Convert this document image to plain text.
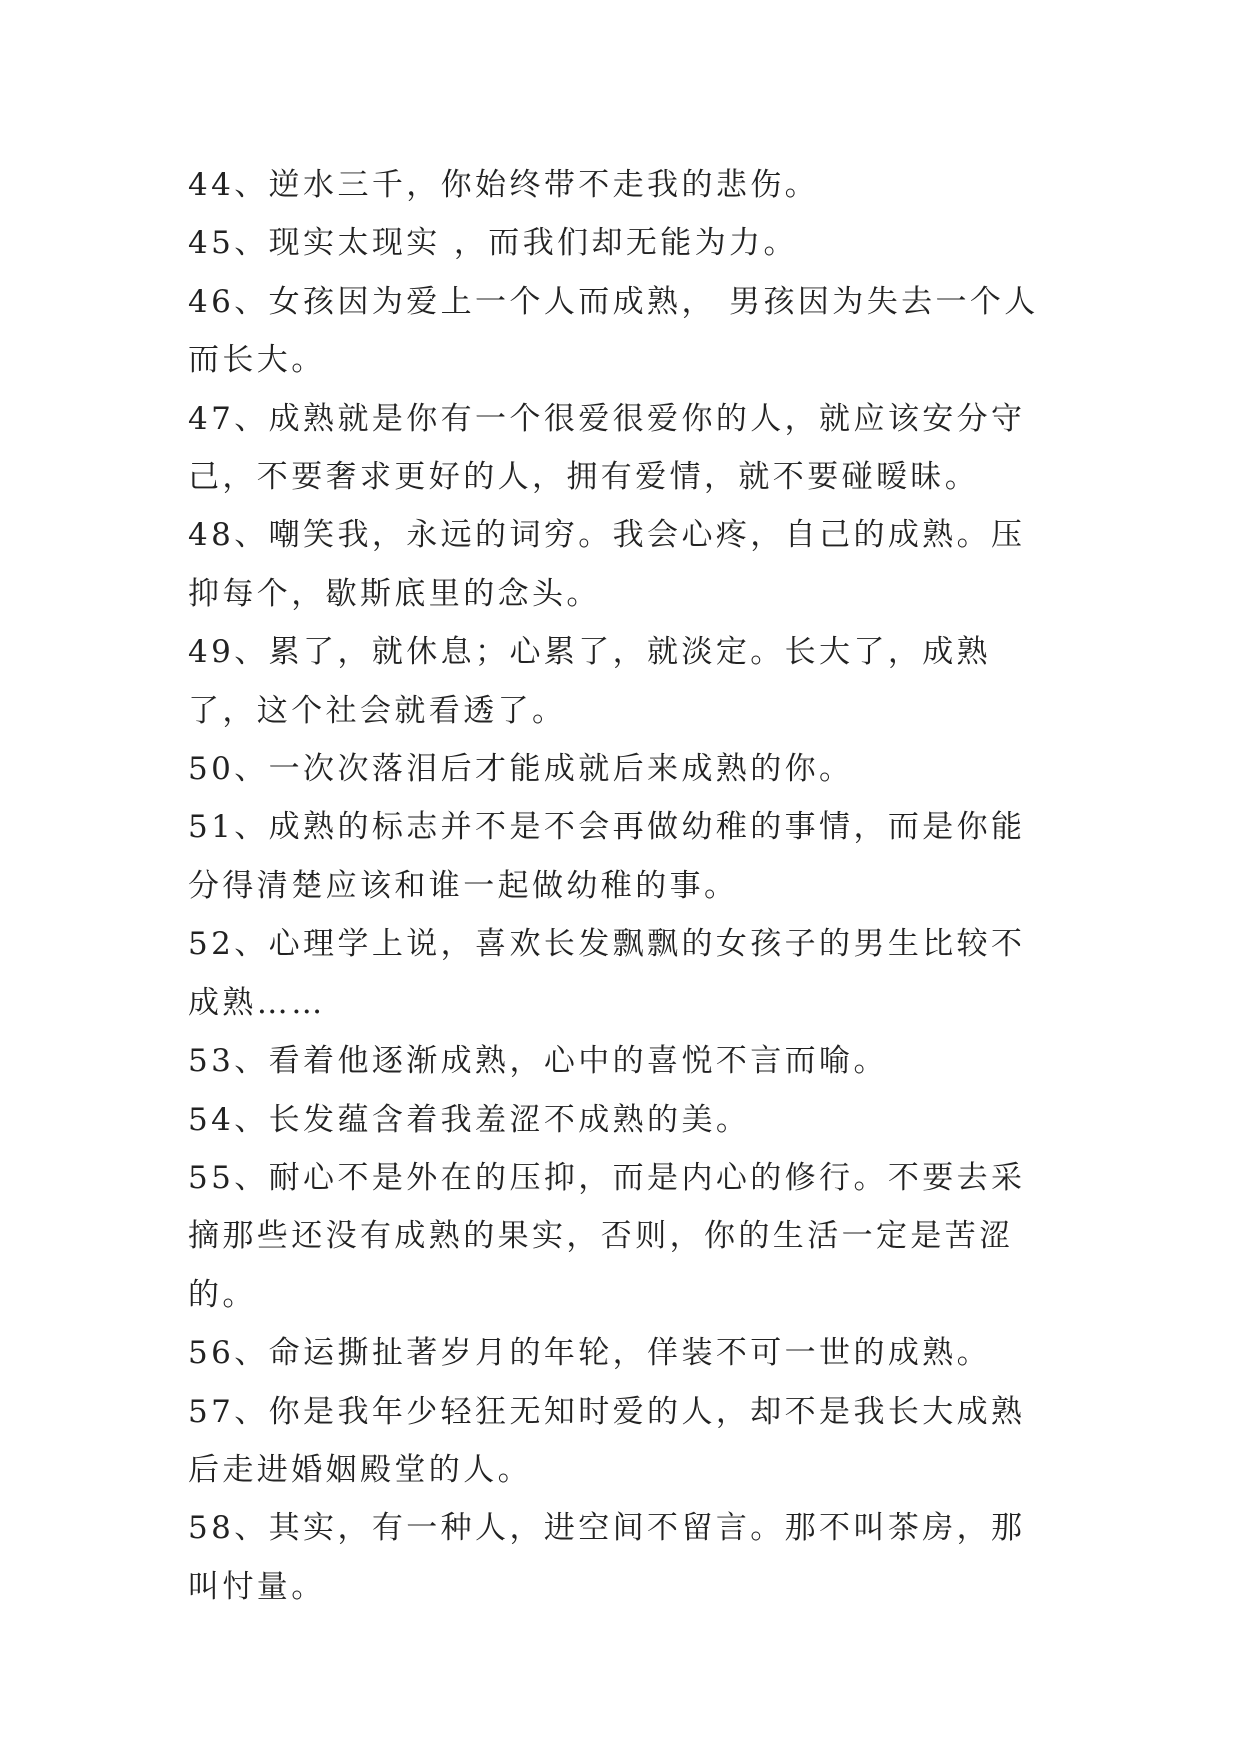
44、逆水三千，你始终带不走我的悲伤。

45、现实太现实 ，而我们却无能为力。

46、女孩因为爱上一个人而成熟， 男孩因为失去一个人而长大。

47、成熟就是你有一个很爱很爱你的人，就应该安分守己，不要奢求更好的人，拥有爱情，就不要碰暧昧。

48、嘲笑我，永远的词穷。我会心疼，自己的成熟。压抑每个，歇斯底里的念头。

49、累了，就休息；心累了，就淡定。长大了，成熟了，这个社会就看透了。

50、一次次落泪后才能成就后来成熟的你。

51、成熟的标志并不是不会再做幼稚的事情，而是你能分得清楚应该和谁一起做幼稚的事。

52、心理学上说，喜欢长发飘飘的女孩子的男生比较不成熟……

53、看着他逐渐成熟，心中的喜悦不言而喻。

54、长发蕴含着我羞涩不成熟的美。

55、耐心不是外在的压抑，而是内心的修行。不要去采摘那些还没有成熟的果实，否则，你的生活一定是苦涩的。

56、命运撕扯著岁月的年轮，佯装不可一世的成熟。

57、你是我年少轻狂无知时爱的人，却不是我长大成熟后走进婚姻殿堂的人。

58、其实，有一种人，进空间不留言。那不叫茶房，那叫忖量。
